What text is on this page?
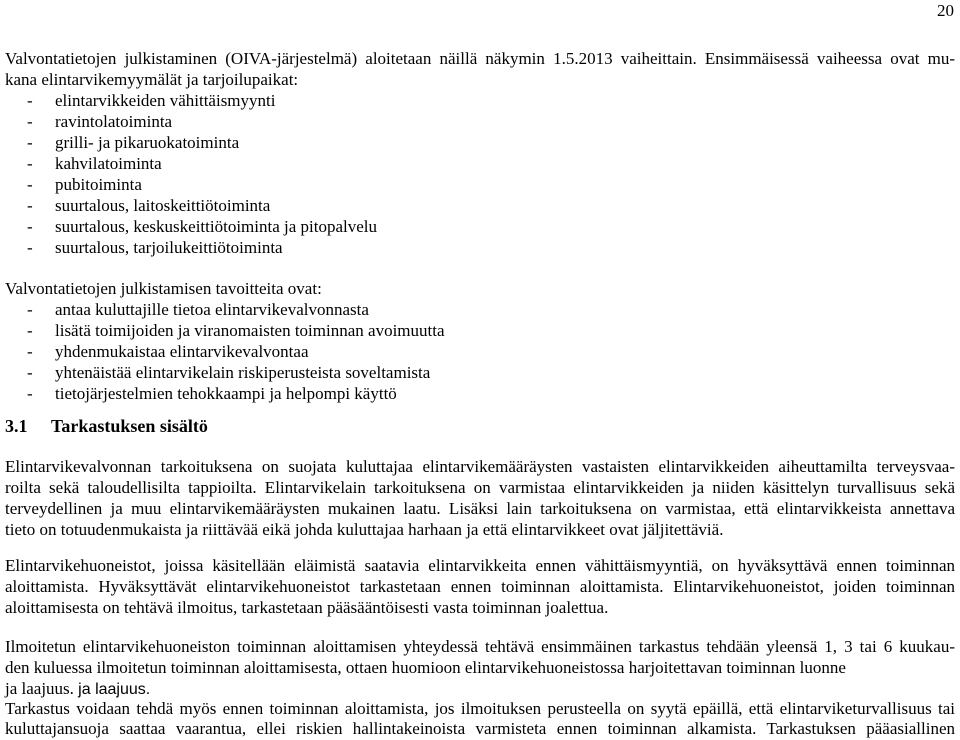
20
Valvontatietojen julkistaminen (OIVA-järjestelmä) aloitetaan näillä näkymin 1.5.2013 vaiheittain. Ensimmäisessä vaiheessa ovat mu-
kana elintarvikemyymälät ja tarjoilupaikat:
- elintarvikkeiden vähittäismyynti
- ravintolatoiminta
- grilli- ja pikaruokatoiminta
- kahvilatoiminta
- pubitoiminta
- suurtalous, laitoskeittiötoiminta
- suurtalous, keskuskeittiötoiminta ja pitopalvelu
- suurtalous, tarjoilukeittiötoiminta
Valvontatietojen julkistamisen tavoitteita ovat:
- antaa kuluttajille tietoa elintarvikevalvonnasta
- lisätä toimijoiden ja viranomaisten toiminnan avoimuutta
- yhdenmukaistaa elintarvikevalvontaa
- yhtenäistää elintarvikelain riskiperusteista soveltamista
- tietojärjestelmien tehokkaampi ja helpompi käyttö
3.1 Tarkastuksen sisältö
Elintarvikevalvonnan tarkoituksena on suojata kuluttajaa elintarvikemääräysten vastaisten elintarvikkeiden aiheuttamilta terveysvaa-
roilta sekä taloudellisilta tappioilta. Elintarvikelain tarkoituksena on varmistaa elintarvikkeiden ja niiden käsittelyn turvallisuus sekä
terveydellinen ja muu elintarvikemääräysten mukainen laatu. Lisäksi lain tarkoituksena on varmistaa, että elintarvikkeista annettava
tieto on totuudenmukaista ja riittävää eikä johda kuluttajaa harhaan ja että elintarvikkeet ovat jäljitettäviä.
Elintarvikehuoneistot, joissa käsitellään eläimistä saatavia elintarvikkeita ennen vähittäismyyntiä, on hyväksyttävä ennen toiminnan
aloittamista. Hyväksyttävät elintarvikehuoneistot tarkastetaan ennen toiminnan aloittamista. Elintarvikehuoneistot, joiden toiminnan
aloittamisesta on tehtävä ilmoitus, tarkastetaan pääsääntöisesti vasta toiminnan joalettua.
Ilmoitetun elintarvikehuoneiston toiminnan aloittamisen yhteydessä tehtävä ensimmäinen tarkastus tehdään yleensä 1, 3 tai 6 kuukau-
den kuluessa ilmoitetun toiminnan aloittamisesta, ottaen huomioon elintarvikehuoneistossa harjoitettavan toiminnan luonne
ja laajuus. ja laajuus.
Tarkastus voidaan tehdä myös ennen toiminnan aloittamista, jos ilmoituksen perusteella on syytä epäillä, että elintarviketurvallisuus tai
kuluttajansuoja saattaa vaarantua, ellei riskien hallintakeinoista varmisteta ennen toiminnan alkamista. Tarkastuksen pääasiallinen
